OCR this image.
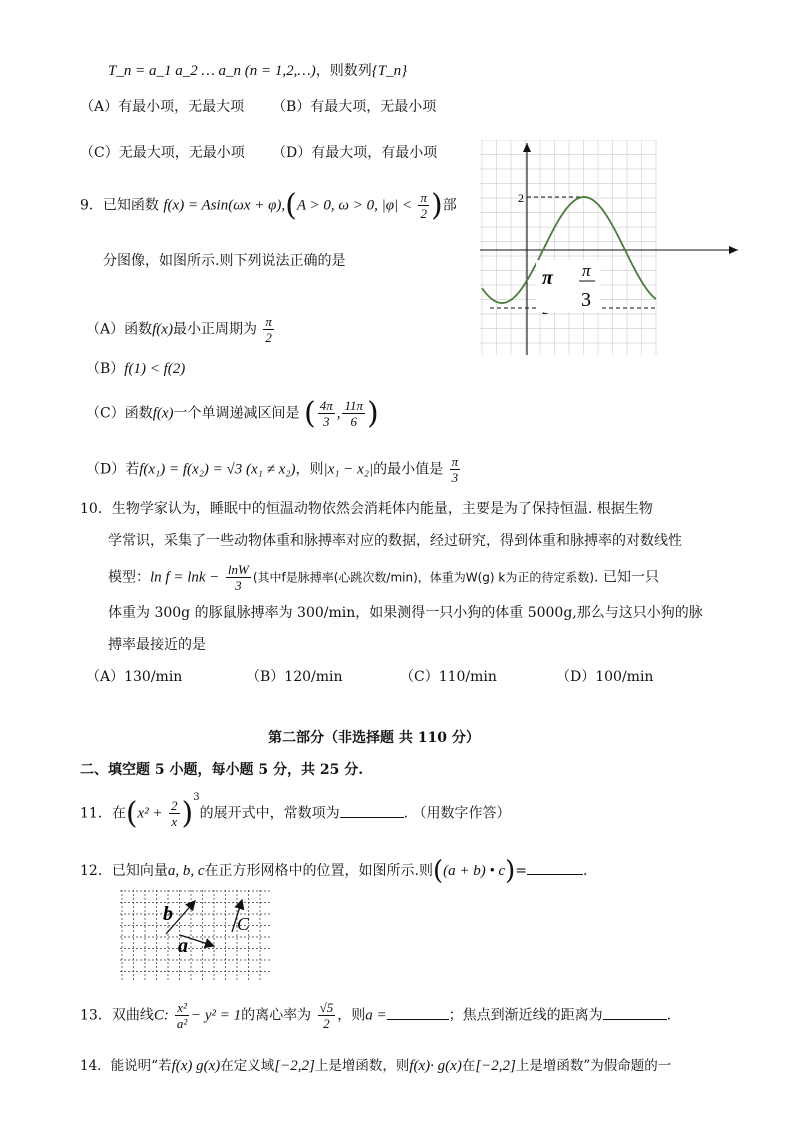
T_n = a_1 a_2 … a_n (n = 1,2,…)，则数列{T_n}
（A）有最小项，无最大项 （B）有最大项，无最小项
（C）无最大项，无最小项 （D）有最大项，有最小项
9．已知函数 f(x) = Asin(ωx + φ),(A > 0, ω > 0, $|\varphi| < \frac{\pi}{2}$ )部
分图像，如图所示.则下列说法正确的是
2
π π
3
（A）函数f(x)最小正周期为 $\frac{\pi}{2}$
（B）f(1) < f(2)
（C）函数f(x)一个单调递减区间是 ( $\frac{4\pi}{3}$ , $\frac{11\pi}{6}$ )
（D）若f(x₁) = f(x₂) = √3 (x₁ ≠ x₂)，则|x₁ − x₂|的最小值是 $\frac{\pi}{3}$
10．生物学家认为，睡眠中的恒温动物依然会消耗体内能量，主要是为了保持恒温. 根据生物
学常识，采集了一些动物体重和脉搏率对应的数据，经过研究，得到体重和脉搏率的对数线性
模型：$\ln f = \ln k - \frac{\ln W}{3}$ (其中f是脉搏率(心跳次数/min)，体重为W(g) k为正的待定系数). 已知一只
体重为 300g 的豚鼠脉搏率为 300/min，如果测得一只小狗的体重 5000g,那么与这只小狗的脉
搏率最接近的是
（A）130/min	（B）120/min	（C）110/min	（D）100/min
第二部分（非选择题 共 110 分）
二、填空题 5 小题，每小题 5 分，共 25 分.
11．在$(x^2 + \frac{2}{x} )^3$的展开式中，常数项为	. （用数字作答）
12．已知向量a, b, c在正方形网格中的位置，如图所示.则((a + b) • c)=	.
b
a
C
13．双曲线C: $\frac{\text{x²}}{\text{a²}} - y^2 = 1$的离心率为 $\frac{√5}{2}$ ，则a =	；焦点到渐近线的距离为	.
14．能说明“若f(x) g(x)在定义域[−2,2]上是增函数，则f(x)· g(x)在[−2,2]上是增函数”为假命题的一
